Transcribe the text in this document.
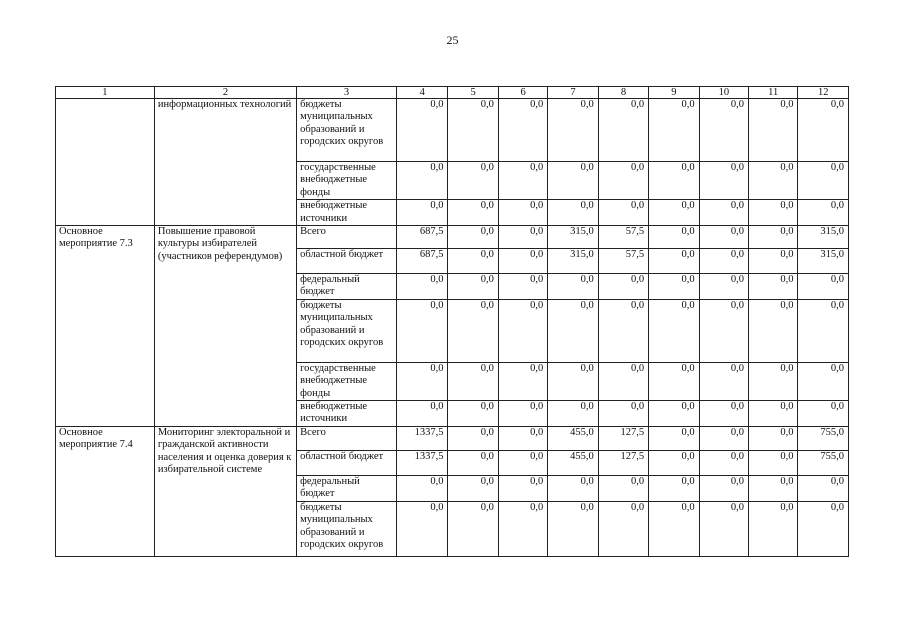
25
1	2	3	4	5	6	7	8	9	10	11	12
	информационных технологий	бюджеты муниципальных образований и городских округов	0,0	0,0	0,0	0,0	0,0	0,0	0,0	0,0	0,0
		государственные внебюджетные фонды	0,0	0,0	0,0	0,0	0,0	0,0	0,0	0,0	0,0
		внебюджетные источники	0,0	0,0	0,0	0,0	0,0	0,0	0,0	0,0	0,0
Основное мероприятие 7.3	Повышение правовой культуры избирателей (участников референдумов)	Всего	687,5	0,0	0,0	315,0	57,5	0,0	0,0	0,0	315,0
		областной бюджет	687,5	0,0	0,0	315,0	57,5	0,0	0,0	0,0	315,0
		федеральный бюджет	0,0	0,0	0,0	0,0	0,0	0,0	0,0	0,0	0,0
		бюджеты муниципальных образований и городских округов	0,0	0,0	0,0	0,0	0,0	0,0	0,0	0,0	0,0
		государственные внебюджетные фонды	0,0	0,0	0,0	0,0	0,0	0,0	0,0	0,0	0,0
		внебюджетные источники	0,0	0,0	0,0	0,0	0,0	0,0	0,0	0,0	0,0
Основное мероприятие 7.4	Мониторинг электоральной и гражданской активности населения и оценка доверия к избирательной системе	Всего	1337,5	0,0	0,0	455,0	127,5	0,0	0,0	0,0	755,0
		областной бюджет	1337,5	0,0	0,0	455,0	127,5	0,0	0,0	0,0	755,0
		федеральный бюджет	0,0	0,0	0,0	0,0	0,0	0,0	0,0	0,0	0,0
		бюджеты муниципальных образований и городских округов	0,0	0,0	0,0	0,0	0,0	0,0	0,0	0,0	0,0
